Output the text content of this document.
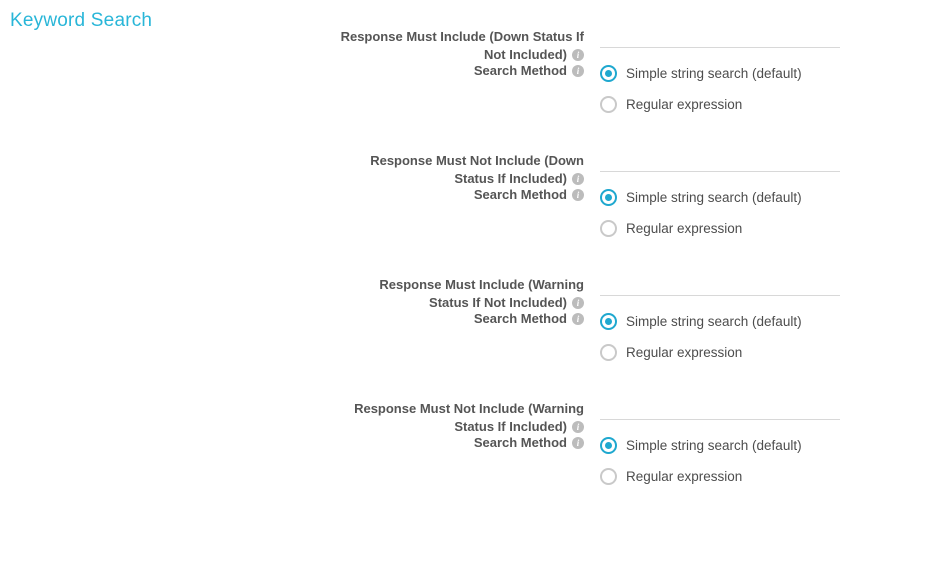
Keyword Search
Response Must Include (Down Status If Not Included) i
Search Method i	Simple string search (default)
Regular expression
Response Must Not Include (Down Status If Included) i
Search Method i	Simple string search (default)
Regular expression
Response Must Include (Warning Status If Not Included) i
Search Method i	Simple string search (default)
Regular expression
Response Must Not Include (Warning Status If Included) i
Search Method i	Simple string search (default)
Regular expression
